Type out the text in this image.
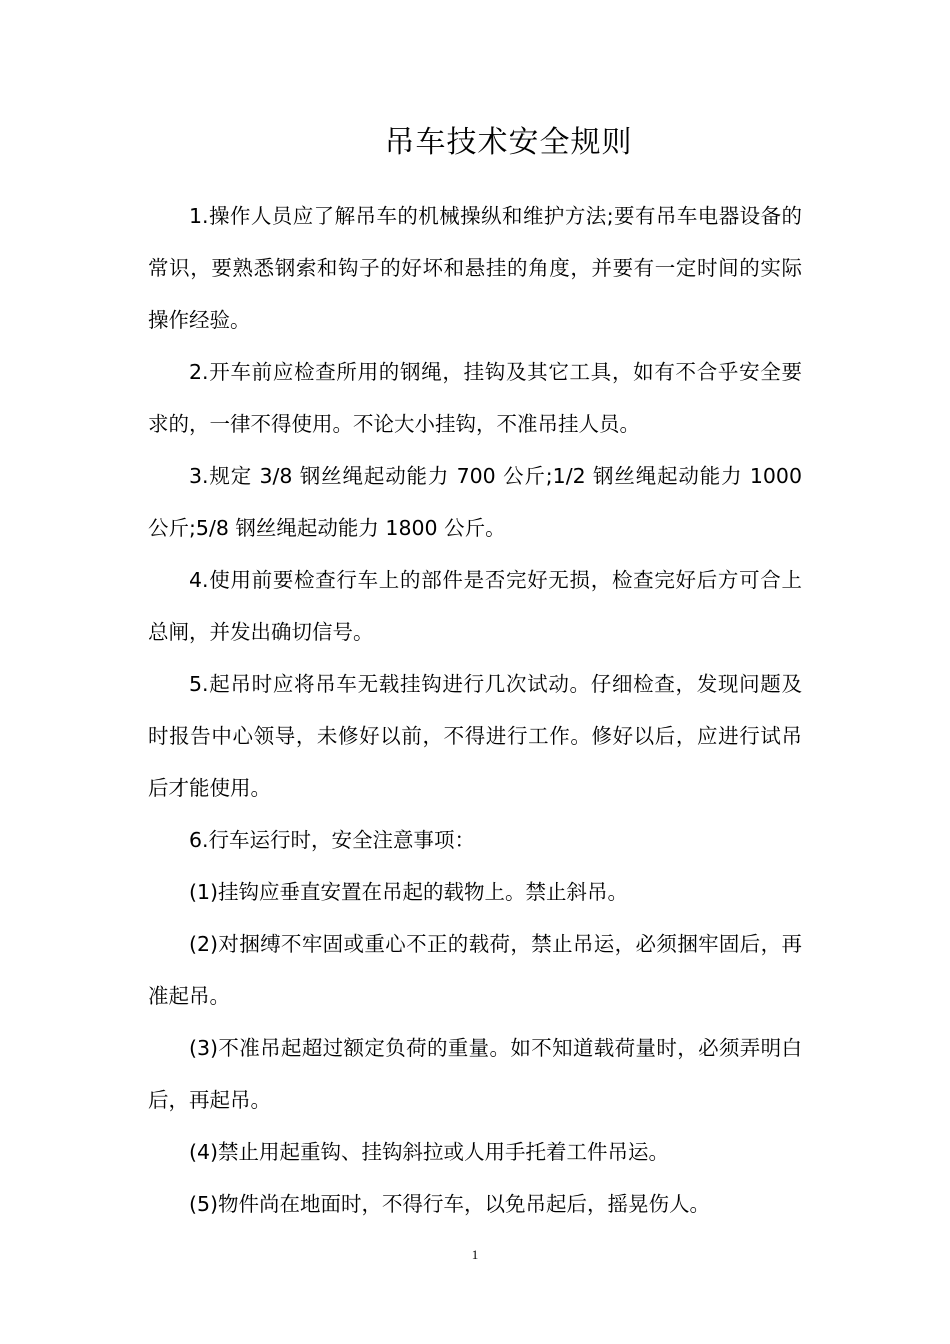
吊车技术安全规则

1.操作人员应了解吊车的机械操纵和维护方法;要有吊车电器设备的常识，要熟悉钢索和钩子的好坏和悬挂的角度，并要有一定时间的实际操作经验。

2.开车前应检查所用的钢绳，挂钩及其它工具，如有不合乎安全要求的，一律不得使用。不论大小挂钩，不准吊挂人员。

3.规定 3/8 钢丝绳起动能力 700 公斤;1/2 钢丝绳起动能力 1000 公斤;5/8 钢丝绳起动能力 1800 公斤。

4.使用前要检查行车上的部件是否完好无损，检查完好后方可合上总闸，并发出确切信号。

5.起吊时应将吊车无载挂钩进行几次试动。仔细检查，发现问题及时报告中心领导，未修好以前，不得进行工作。修好以后，应进行试吊后才能使用。

6.行车运行时，安全注意事项：

(1)挂钩应垂直安置在吊起的载物上。禁止斜吊。

(2)对捆缚不牢固或重心不正的载荷，禁止吊运，必须捆牢固后，再准起吊。

(3)不准吊起超过额定负荷的重量。如不知道载荷量时，必须弄明白后，再起吊。

(4)禁止用起重钩、挂钩斜拉或人用手托着工件吊运。

(5)物件尚在地面时，不得行车，以免吊起后，摇晃伤人。

1
